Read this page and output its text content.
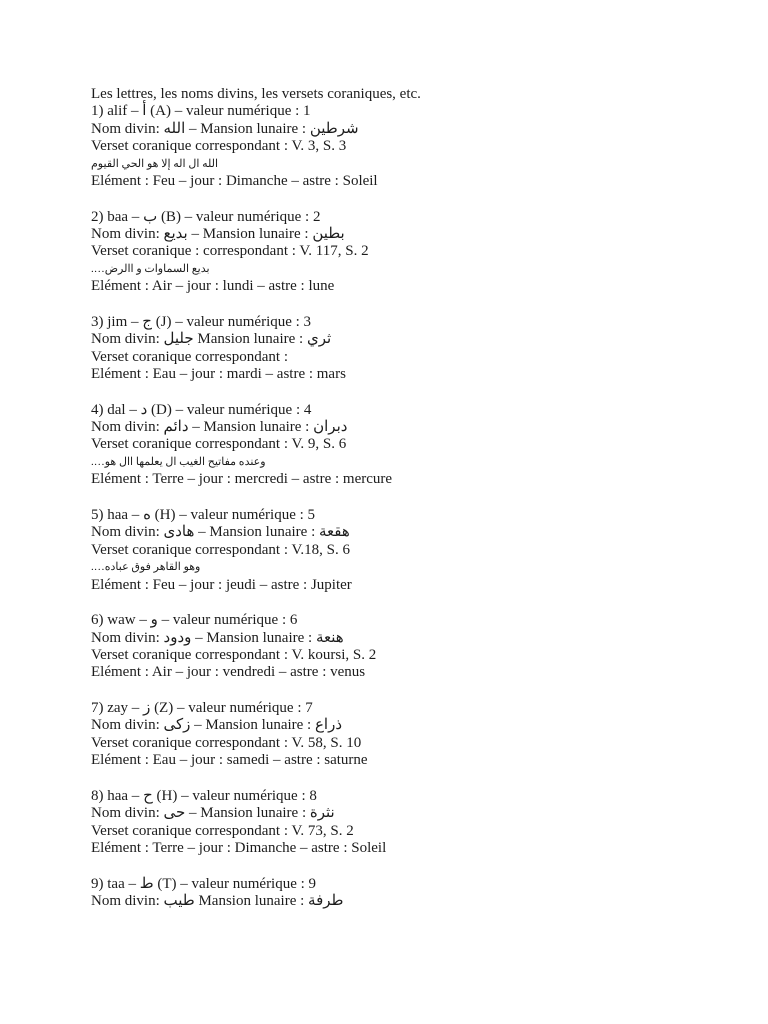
Les lettres, les noms divins, les versets coraniques, etc.
1) alif – أ (A) – valeur numérique : 1
Nom divin: الله – Mansion lunaire : شرطين
Verset coranique correspondant : V. 3, S. 3
الله ال اله إلا هو الحي القيوم
Elément : Feu – jour : Dimanche – astre : Soleil
2) baa – ب (B) – valeur numérique : 2
Nom divin: بديع – Mansion lunaire : بطين
Verset coranique : correspondant : V. 117, S. 2
بديع السماوات و االرض….
Elément : Air – jour : lundi – astre : lune
3) jim – ج (J) – valeur numérique : 3
Nom divin: جليل Mansion lunaire : ثري
Verset coranique correspondant :
Elément : Eau – jour : mardi – astre : mars
4) dal – د (D) – valeur numérique : 4
Nom divin: دائم – Mansion lunaire : دبران
Verset coranique correspondant : V. 9, S. 6
وعنده مفاتيح الغيب ال يعلمها اال هو….
Elément : Terre – jour : mercredi – astre : mercure
5) haa – ه (H) – valeur numérique : 5
Nom divin: هادى – Mansion lunaire : هقعة
Verset coranique correspondant : V.18, S. 6
وهو القاهر فوق عباده….
Elément : Feu – jour : jeudi – astre : Jupiter
6) waw – و – valeur numérique : 6
Nom divin: ودود – Mansion lunaire : هنعة
Verset coranique correspondant : V. koursi, S. 2
Elément : Air – jour : vendredi – astre : venus
7) zay – ز (Z) – valeur numérique : 7
Nom divin: زكى – Mansion lunaire : ذراع
Verset coranique correspondant : V. 58, S. 10
Elément : Eau – jour : samedi – astre : saturne
8) haa – ح (H) – valeur numérique : 8
Nom divin: حى – Mansion lunaire : نثرة
Verset coranique correspondant : V. 73, S. 2
Elément : Terre – jour : Dimanche – astre : Soleil
9) taa – ط (T) – valeur numérique : 9
Nom divin: طيب Mansion lunaire : طرفة
